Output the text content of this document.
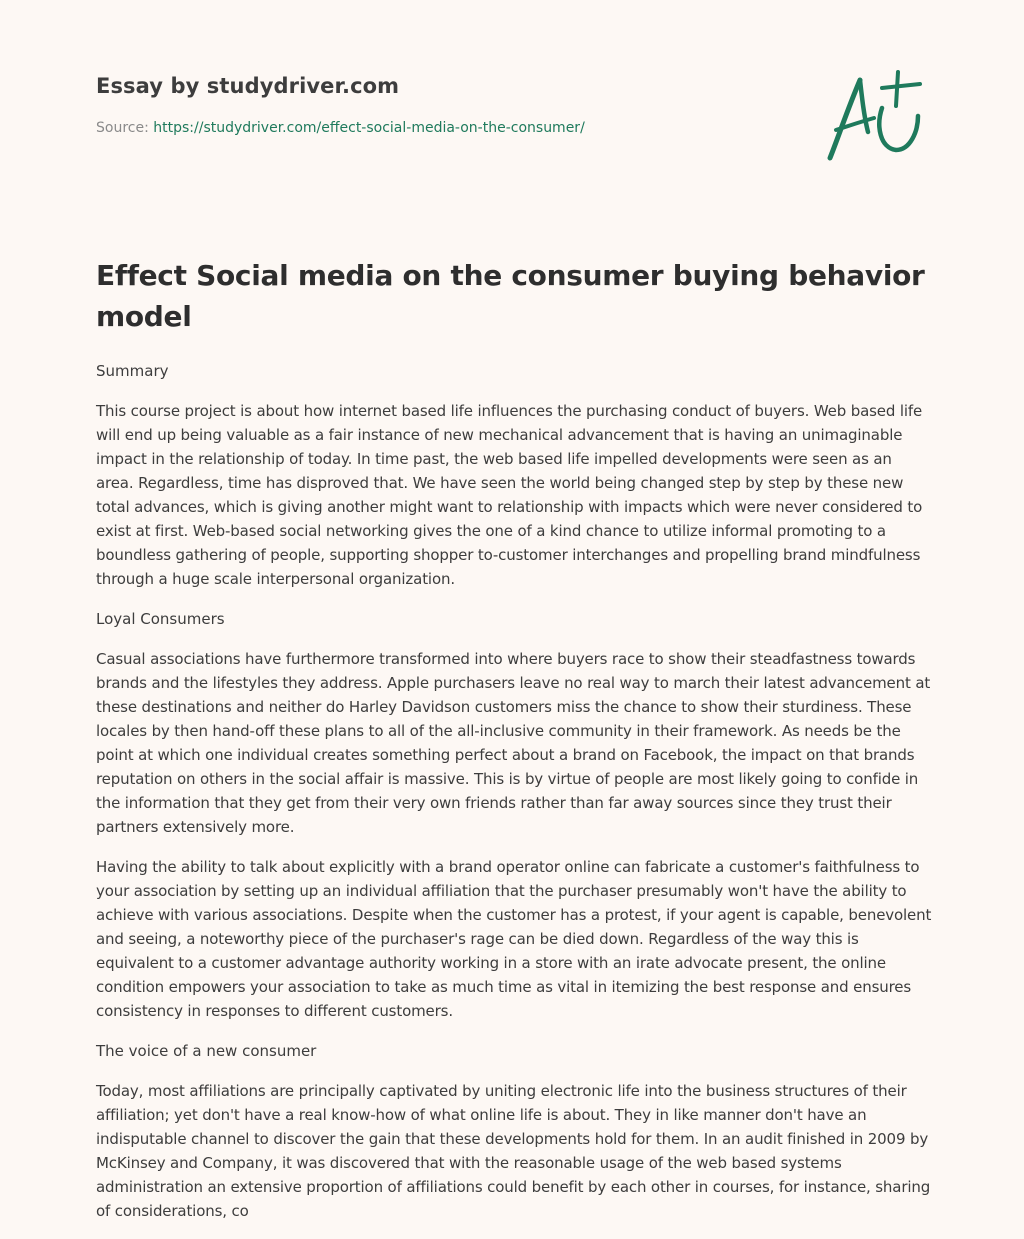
Essay by studydriver.com

Source: https://studydriver.com/effect-social-media-on-the-consumer/
Effect Social media on the consumer buying behavior model

Summary

This course project is about how internet based life influences the purchasing conduct of buyers. Web based life will end up being valuable as a fair instance of new mechanical advancement that is having an unimaginable impact in the relationship of today. In time past, the web based life impelled developments were seen as an area. Regardless, time has disproved that. We have seen the world being changed step by step by these new total advances, which is giving another might want to relationship with impacts which were never considered to exist at first. Web-based social networking gives the one of a kind chance to utilize informal promoting to a boundless gathering of people, supporting shopper to-customer interchanges and propelling brand mindfulness through a huge scale interpersonal organization.

Loyal Consumers

Casual associations have furthermore transformed into where buyers race to show their steadfastness towards brands and the lifestyles they address. Apple purchasers leave no real way to march their latest advancement at these destinations and neither do Harley Davidson customers miss the chance to show their sturdiness. These locales by then hand-off these plans to all of the all-inclusive community in their framework. As needs be the point at which one individual creates something perfect about a brand on Facebook, the impact on that brands reputation on others in the social affair is massive. This is by virtue of people are most likely going to confide in the information that they get from their very own friends rather than far away sources since they trust their partners extensively more.

Having the ability to talk about explicitly with a brand operator online can fabricate a customer's faithfulness to your association by setting up an individual affiliation that the purchaser presumably won't have the ability to achieve with various associations. Despite when the customer has a protest, if your agent is capable, benevolent and seeing, a noteworthy piece of the purchaser's rage can be died down. Regardless of the way this is equivalent to a customer advantage authority working in a store with an irate advocate present, the online condition empowers your association to take as much time as vital in itemizing the best response and ensures consistency in responses to different customers.

The voice of a new consumer

Today, most affiliations are principally captivated by uniting electronic life into the business structures of their affiliation; yet don't have a real know-how of what online life is about. They in like manner don't have an indisputable channel to discover the gain that these developments hold for them. In an audit finished in 2009 by McKinsey and Company, it was discovered that with the reasonable usage of the web based systems administration an extensive proportion of affiliations could benefit by each other in courses, for instance, sharing of considerations, co
